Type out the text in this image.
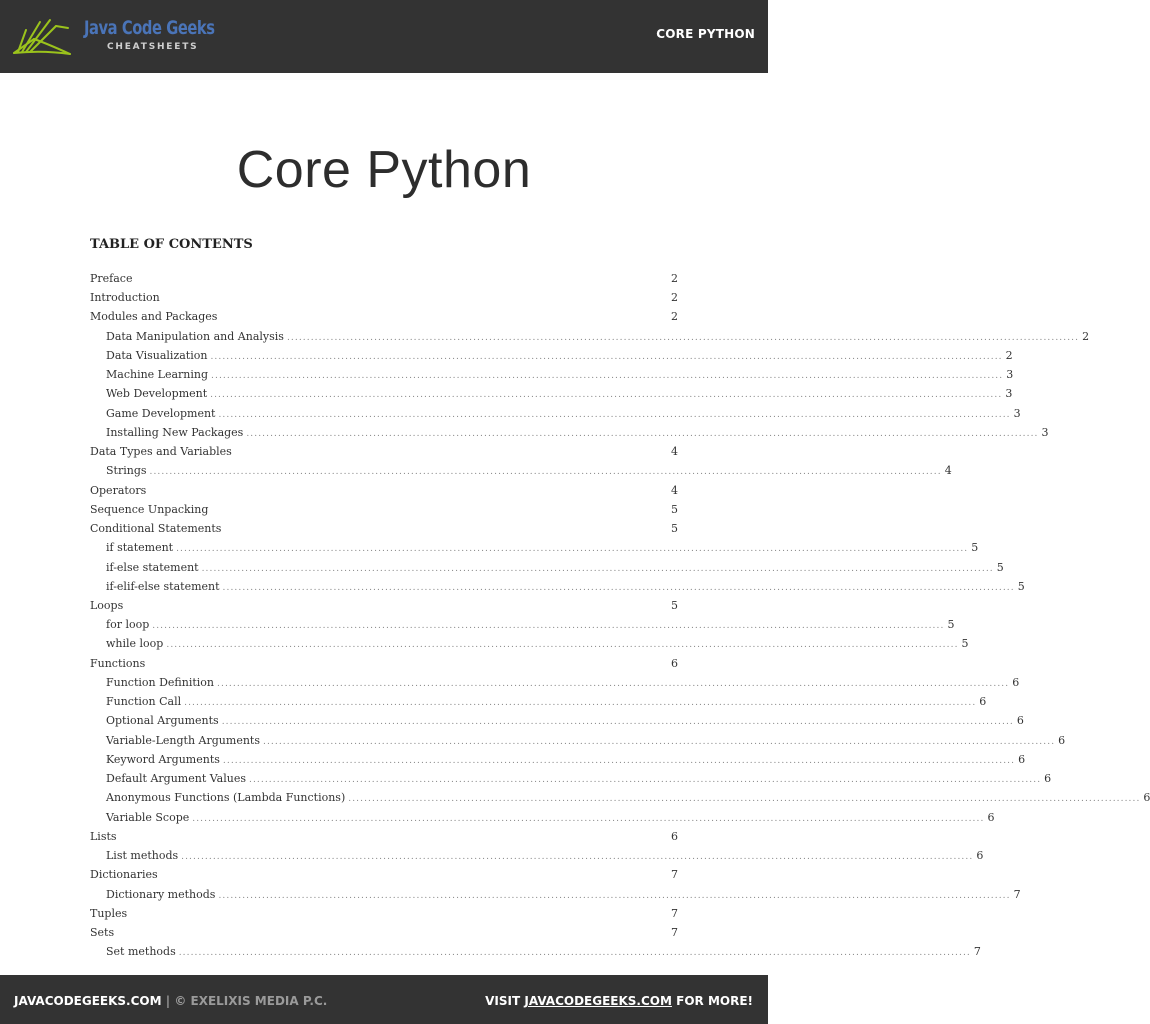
Java Code Geeks
CHEATSHEETS
CORE PYTHON
Core Python
TABLE OF CONTENTS
Preface	2
Introduction	2
Modules and Packages	2
Data Manipulation and Analysis ........................................................................................................................................................................................................ 2
Data Visualization ........................................................................................................................................................................................................ 2
Machine Learning ........................................................................................................................................................................................................ 3
Web Development ........................................................................................................................................................................................................ 3
Game Development ........................................................................................................................................................................................................ 3
Installing New Packages ........................................................................................................................................................................................................ 3
Data Types and Variables	4
Strings ........................................................................................................................................................................................................ 4
Operators	4
Sequence Unpacking	5
Conditional Statements	5
if statement ........................................................................................................................................................................................................ 5
if-else statement ........................................................................................................................................................................................................ 5
if-elif-else statement ........................................................................................................................................................................................................ 5
Loops	5
for loop ........................................................................................................................................................................................................ 5
while loop ........................................................................................................................................................................................................ 5
Functions	6
Function Definition ........................................................................................................................................................................................................ 6
Function Call ........................................................................................................................................................................................................ 6
Optional Arguments ........................................................................................................................................................................................................ 6
Variable-Length Arguments ........................................................................................................................................................................................................ 6
Keyword Arguments ........................................................................................................................................................................................................ 6
Default Argument Values ........................................................................................................................................................................................................ 6
Anonymous Functions (Lambda Functions) ........................................................................................................................................................................................................ 6
Variable Scope ........................................................................................................................................................................................................ 6
Lists	6
List methods ........................................................................................................................................................................................................ 6
Dictionaries	7
Dictionary methods ........................................................................................................................................................................................................ 7
Tuples	7
Sets	7
Set methods ........................................................................................................................................................................................................ 7
JAVACODEGEEKS.COM | © EXELIXIS MEDIA P.C.	VISIT JAVACODEGEEKS.COM FOR MORE!
